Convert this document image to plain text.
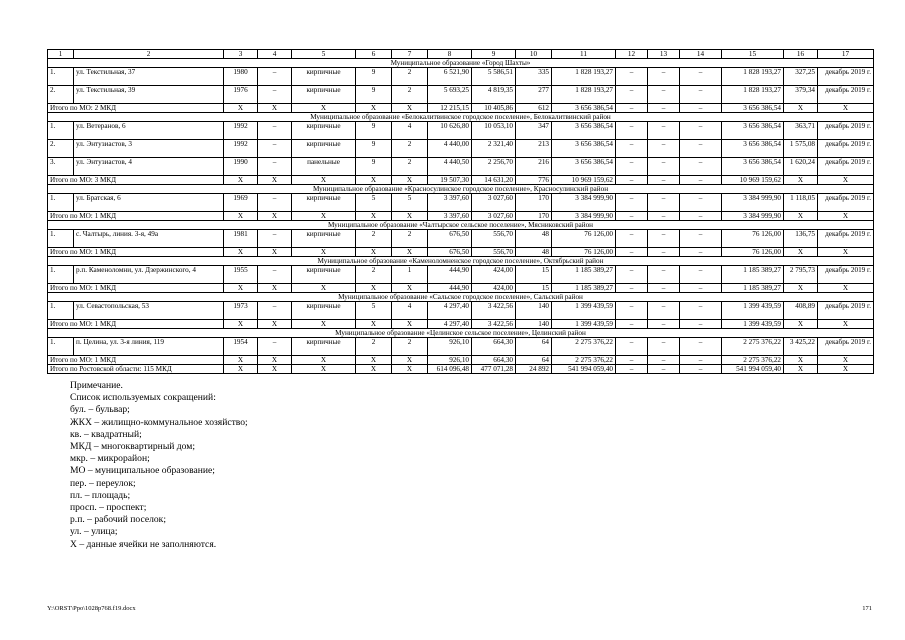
1	2	3	4	5	6	7	8	9	10	11	12	13	14	15	16	17
Муниципальное образование «Город Шахты»																
1.	ул. Текстильная, 37	1980	–	кирпичные	9	2	6 521,90	5 586,51	335	1 828 193,27	–	–	–	1 828 193,27	327,25	декабрь 2019 г.
2.	ул. Текстильная, 39	1976	–	кирпичные	9	2	5 693,25	4 819,35	277	1 828 193,27	–	–	–	1 828 193,27	379,34	декабрь 2019 г.
Итого по МО: 2 МКД		X	X	X	X	X	12 215,15	10 405,86	612	3 656 386,54	–	–	–	3 656 386,54	X	X
Муниципальное образование «Белокалитвинское городское поселение», Белокалитвинский район																
1.	ул. Ветеранов, 6	1992	–	кирпичные	9	4	10 626,80	10 053,10	347	3 656 386,54	–	–	–	3 656 386,54	363,71	декабрь 2019 г.
2.	ул. Энтузиастов, 3	1992	–	кирпичные	9	2	4 440,00	2 321,40	213	3 656 386,54	–	–	–	3 656 386,54	1 575,08	декабрь 2019 г.
3.	ул. Энтузиастов, 4	1990	–	панельные	9	2	4 440,50	2 256,70	216	3 656 386,54	–	–	–	3 656 386,54	1 620,24	декабрь 2019 г.
Итого по МО: 3 МКД		X	X	X	X	X	19 507,30	14 631,20	776	10 969 159,62	–	–	–	10 969 159,62	X	X
Муниципальное образование «Красносулинское городское поселение», Красносулинский район																
1.	ул. Братская, 6	1969	–	кирпичные	5	5	3 397,60	3 027,60	170	3 384 999,90	–	–	–	3 384 999,90	1 118,05	декабрь 2019 г.
Итого по МО: 1 МКД		X	X	X	X	X	3 397,60	3 027,60	170	3 384 999,90	–	–	–	3 384 999,90	X	X
Муниципальное образование «Чалтырское сельское поселение», Мясниковский район																
1.	с. Чалтырь, линия. 3-я, 49а	1981	–	кирпичные	2	2	676,50	556,70	48	76 126,00	–	–	–	76 126,00	136,75	декабрь 2019 г.
Итого по МО: 1 МКД		X	X	X	X	X	676,50	556,70	48	76 126,00	–	–	–	76 126,00	X	X
Муниципальное образование «Каменоломненское городское поселение», Октябрьский район																
1.	р.п. Каменоломни, ул. Дзержинского, 4	1955	–	кирпичные	2	1	444,90	424,00	15	1 185 389,27	–	–	–	1 185 389,27	2 795,73	декабрь 2019 г.
Итого по МО: 1 МКД		X	X	X	X	X	444,90	424,00	15	1 185 389,27	–	–	–	1 185 389,27	X	X
Муниципальное образование «Сальское городское поселение», Сальский район																
1.	ул. Севастопольская, 53	1973	–	кирпичные	5	4	4 297,40	3 422,56	140	1 399 439,59	–	–	–	1 399 439,59	408,89	декабрь 2019 г.
Итого по МО: 1 МКД		X	X	X	X	X	4 297,40	3 422,56	140	1 399 439,59	–	–	–	1 399 439,59	X	X
Муниципальное образование «Целинское сельское поселение», Целинский район																
1.	п. Целина, ул. 3-я линия, 119	1954	–	кирпичные	2	2	926,10	664,30	64	2 275 376,22	–	–	–	2 275 376,22	3 425,22	декабрь 2019 г.
Итого по МО: 1 МКД		X	X	X	X	X	926,10	664,30	64	2 275 376,22	–	–	–	2 275 376,22	X	X
Итого по Ростовской области: 115 МКД		X	X	X	X	X	614 096,48	477 071,28	24 892	541 994 059,40	–	–	–	541 994 059,40	X	X
Примечание.
Список используемых сокращений:
бул. – бульвар;
ЖКХ – жилищно-коммунальное хозяйство;
кв. – квадратный;
МКД – многоквартирный дом;
мкр. – микрорайон;
МО – муниципальное образование;
пер. – переулок;
пл. – площадь;
просп. – проспект;
р.п. – рабочий поселок;
ул. – улица;
X – данные ячейки не заполняются.
Y:\ORST\Ppo\1028p768.f19.docx	171
